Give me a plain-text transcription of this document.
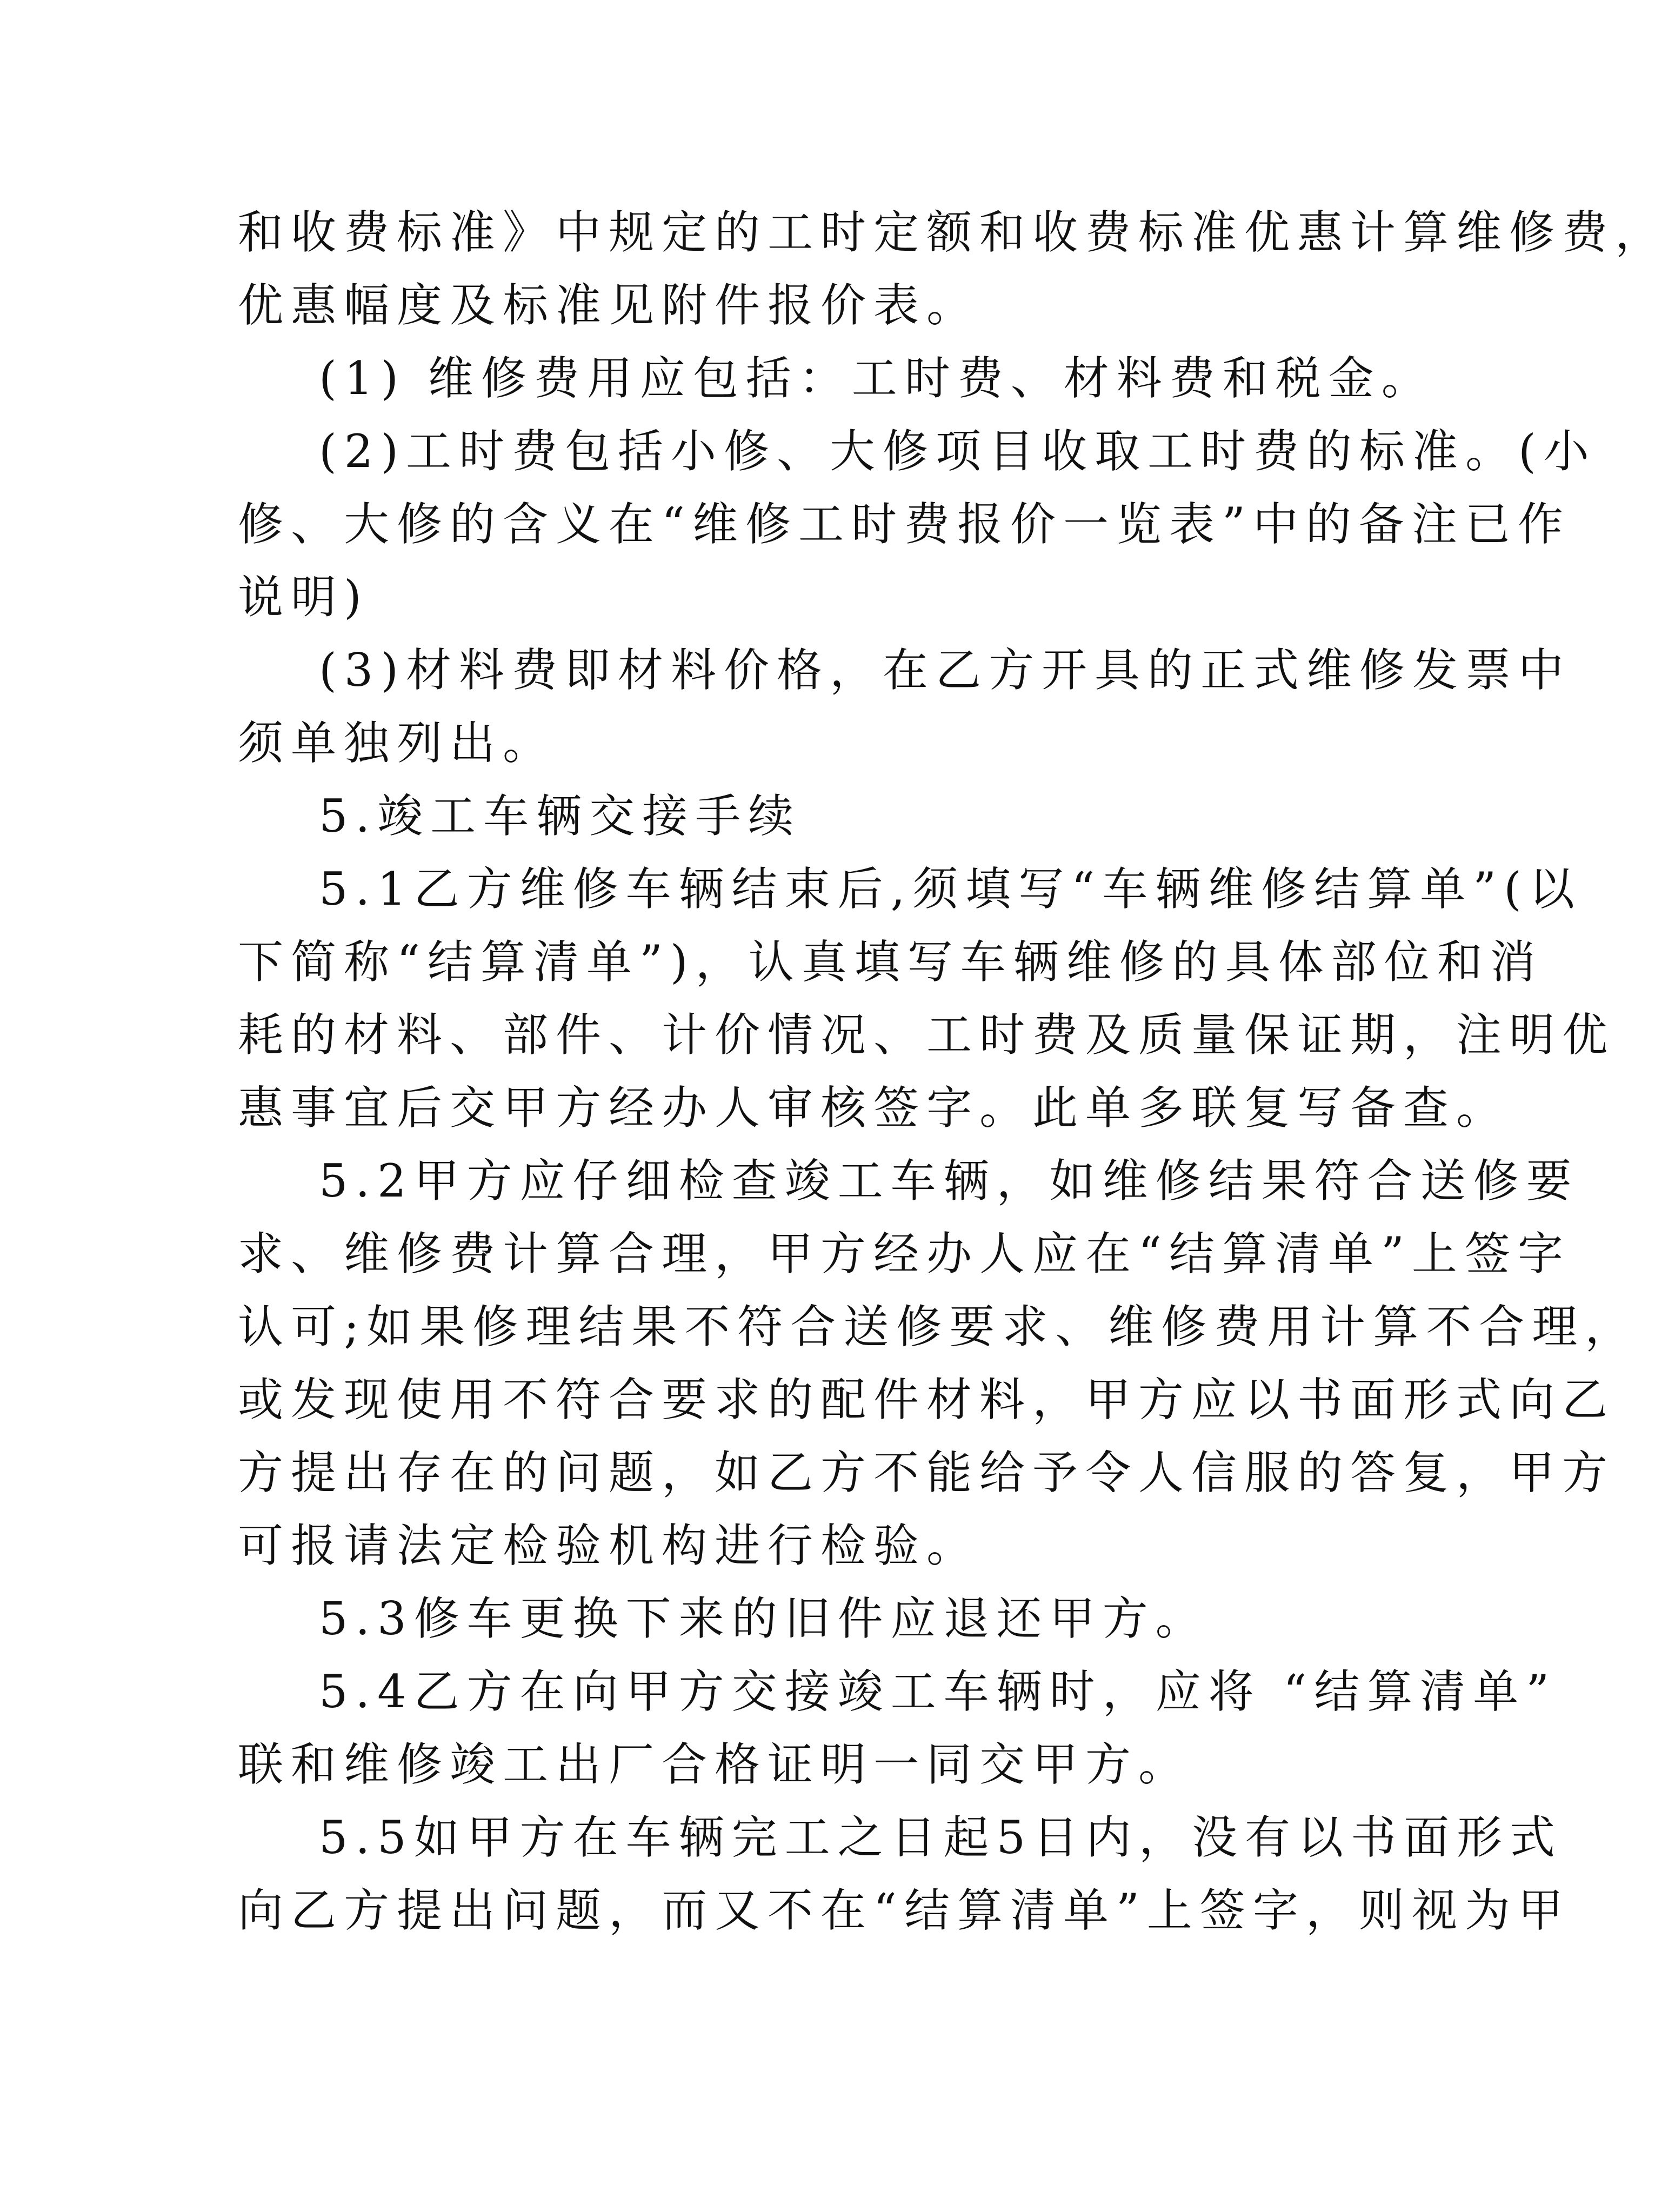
和收费标准》中规定的工时定额和收费标准优惠计算维修费，
优惠幅度及标准见附件报价表。
(1) 维修费用应包括：工时费、材料费和税金。
(2)工时费包括小修、大修项目收取工时费的标准。(小
修、大修的含义在“维修工时费报价一览表”中的备注已作
说明)
(3)材料费即材料价格，在乙方开具的正式维修发票中
须单独列出。
5.竣工车辆交接手续
5.1乙方维修车辆结束后,须填写“车辆维修结算单”(以
下简称“结算清单”)，认真填写车辆维修的具体部位和消
耗的材料、部件、计价情况、工时费及质量保证期，注明优
惠事宜后交甲方经办人审核签字。此单多联复写备查。
5.2甲方应仔细检查竣工车辆，如维修结果符合送修要
求、维修费计算合理，甲方经办人应在“结算清单”上签字
认可;如果修理结果不符合送修要求、维修费用计算不合理，
或发现使用不符合要求的配件材料，甲方应以书面形式向乙
方提出存在的问题，如乙方不能给予令人信服的答复，甲方
可报请法定检验机构进行检验。
5.3修车更换下来的旧件应退还甲方。
5.4乙方在向甲方交接竣工车辆时，应将 “结算清单”
联和维修竣工出厂合格证明一同交甲方。
5.5如甲方在车辆完工之日起5日内，没有以书面形式
向乙方提出问题，而又不在“结算清单”上签字，则视为甲
